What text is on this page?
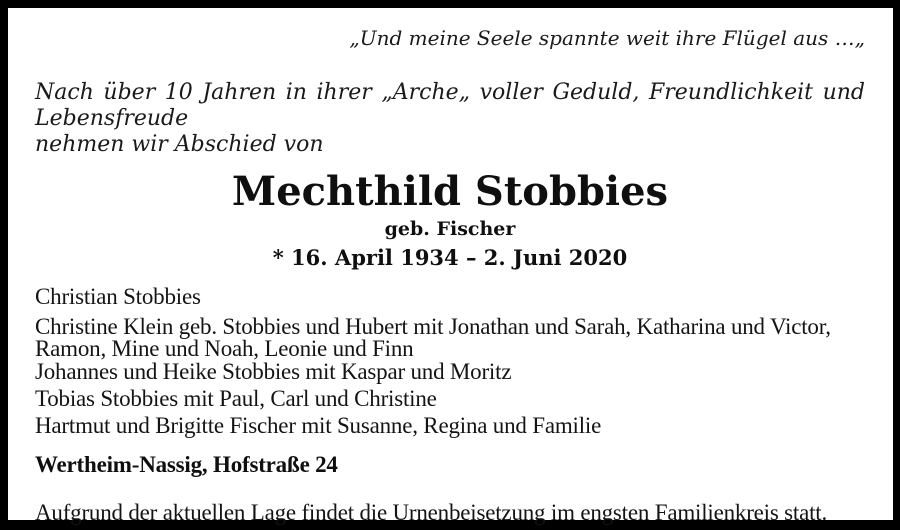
„Und meine Seele spannte weit ihre Flügel aus …„
Nach über 10 Jahren in ihrer „Arche„ voller Geduld, Freundlichkeit und Lebensfreude
nehmen wir Abschied von
Mechthild Stobbies
geb. Fischer
* 16. April 1934 – 2. Juni 2020
Christian Stobbies
Christine Klein geb. Stobbies und Hubert mit Jonathan und Sarah, Katharina und Victor,
Ramon, Mine und Noah, Leonie und Finn
Johannes und Heike Stobbies mit Kaspar und Moritz
Tobias Stobbies mit Paul, Carl und Christine
Hartmut und Brigitte Fischer mit Susanne, Regina und Familie
Wertheim-Nassig, Hofstraße 24
Aufgrund der aktuellen Lage findet die Urnenbeisetzung im engsten Familienkreis statt.
